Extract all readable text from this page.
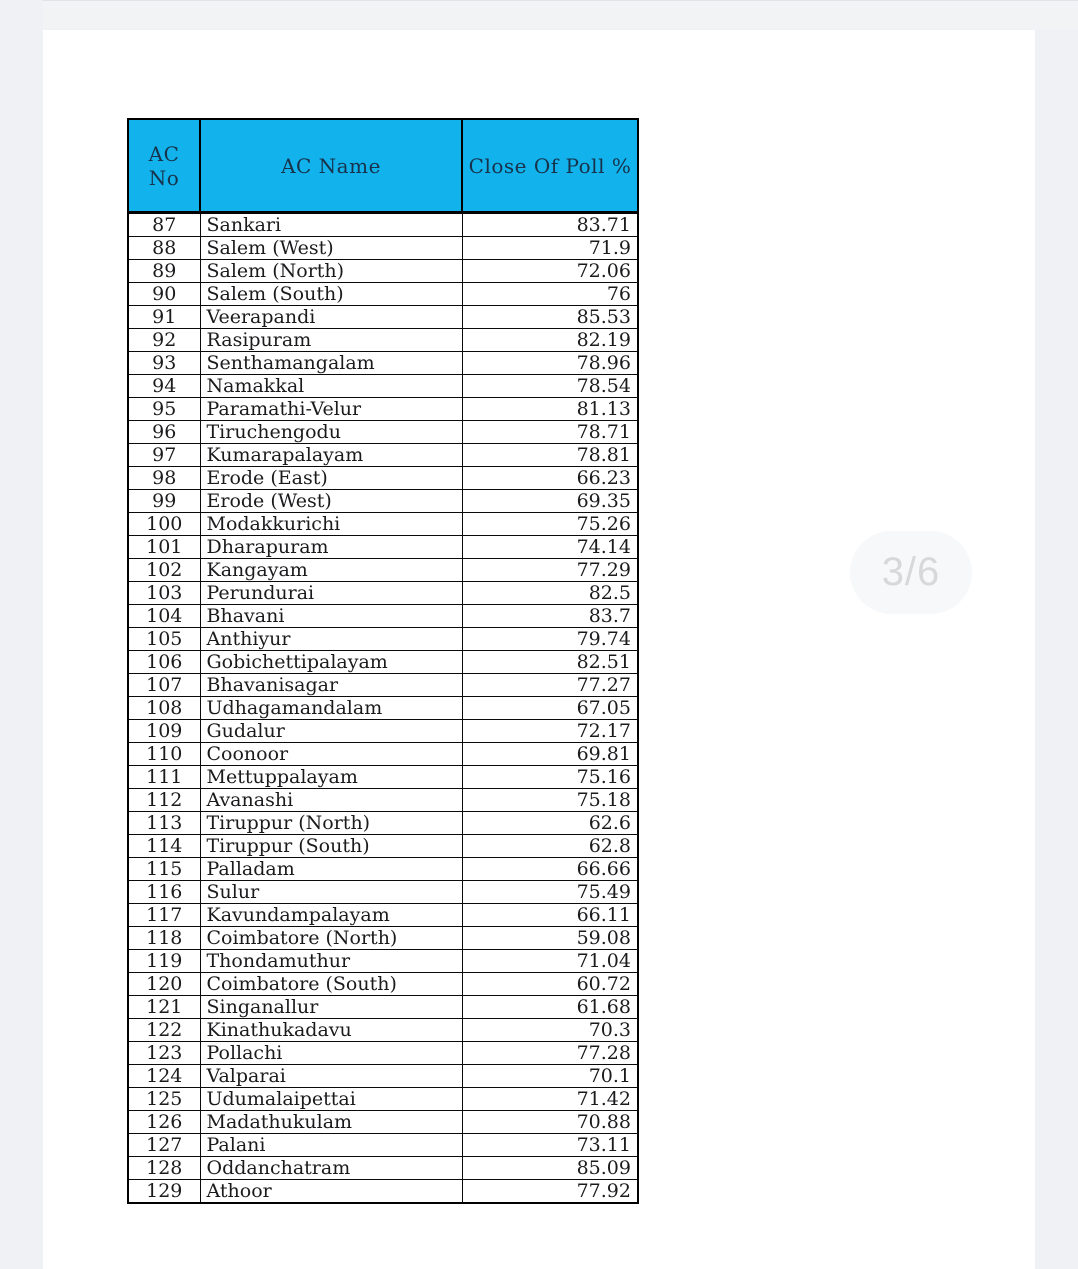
AC No	AC Name	Close Of Poll %
87	Sankari	83.71
88	Salem (West)	71.9
89	Salem (North)	72.06
90	Salem (South)	76
91	Veerapandi	85.53
92	Rasipuram	82.19
93	Senthamangalam	78.96
94	Namakkal	78.54
95	Paramathi-Velur	81.13
96	Tiruchengodu	78.71
97	Kumarapalayam	78.81
98	Erode (East)	66.23
99	Erode (West)	69.35
100	Modakkurichi	75.26
101	Dharapuram	74.14
102	Kangayam	77.29
103	Perundurai	82.5
104	Bhavani	83.7
105	Anthiyur	79.74
106	Gobichettipalayam	82.51
107	Bhavanisagar	77.27
108	Udhagamandalam	67.05
109	Gudalur	72.17
110	Coonoor	69.81
111	Mettuppalayam	75.16
112	Avanashi	75.18
113	Tiruppur (North)	62.6
114	Tiruppur (South)	62.8
115	Palladam	66.66
116	Sulur	75.49
117	Kavundampalayam	66.11
118	Coimbatore (North)	59.08
119	Thondamuthur	71.04
120	Coimbatore (South)	60.72
121	Singanallur	61.68
122	Kinathukadavu	70.3
123	Pollachi	77.28
124	Valparai	70.1
125	Udumalaipettai	71.42
126	Madathukulam	70.88
127	Palani	73.11
128	Oddanchatram	85.09
129	Athoor	77.92
3/6
